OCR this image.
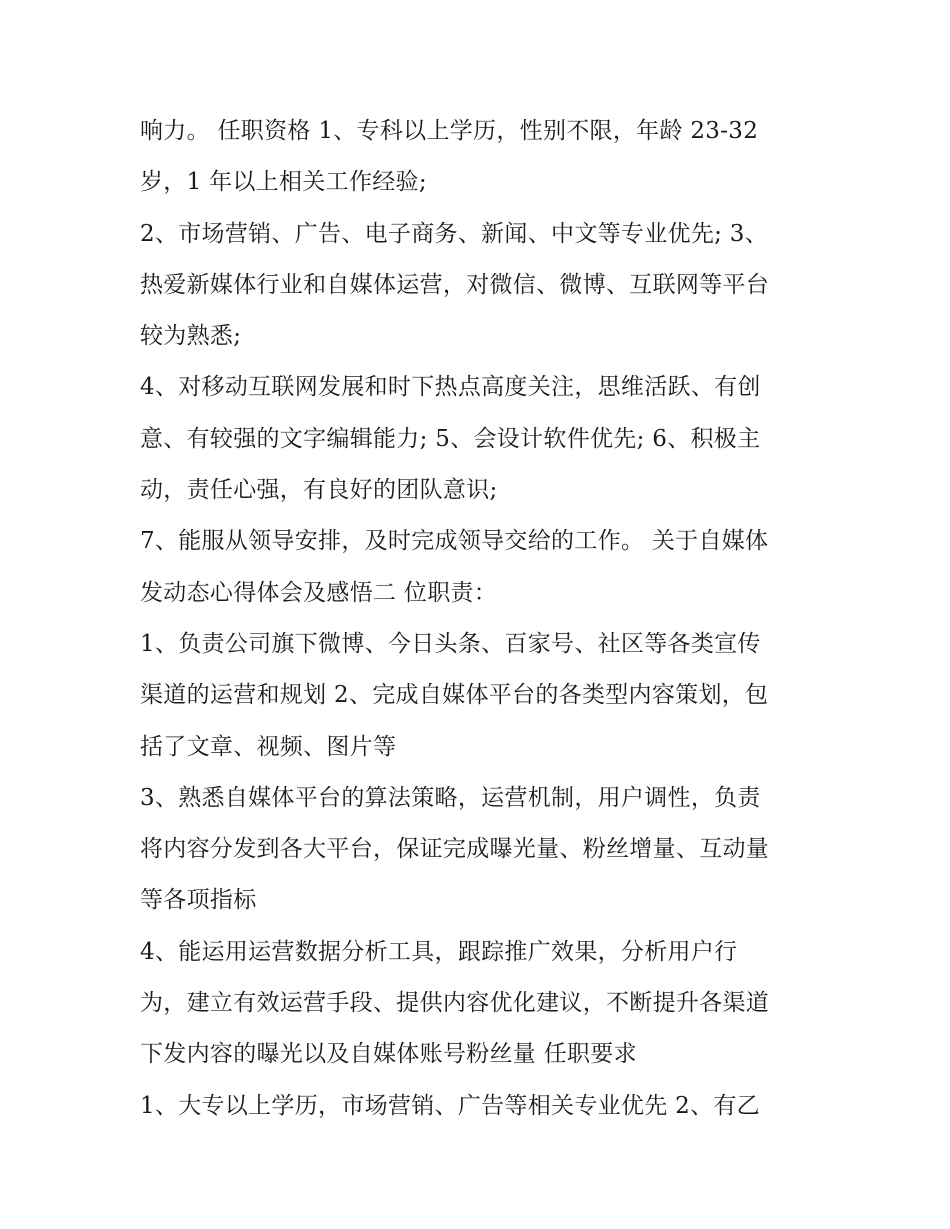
响力。 任职资格 1、专科以上学历，性别不限，年龄 23-32
岁，1 年以上相关工作经验;
2、市场营销、广告、电子商务、新闻、中文等专业优先; 3、
热爱新媒体行业和自媒体运营，对微信、微博、互联网等平台
较为熟悉;
4、对移动互联网发展和时下热点高度关注，思维活跃、有创
意、有较强的文字编辑能力; 5、会设计软件优先; 6、积极主
动，责任心强，有良好的团队意识;
7、能服从领导安排，及时完成领导交给的工作。 关于自媒体
发动态心得体会及感悟二 位职责：
1、负责公司旗下微博、今日头条、百家号、社区等各类宣传
渠道的运营和规划 2、完成自媒体平台的各类型内容策划，包
括了文章、视频、图片等
3、熟悉自媒体平台的算法策略，运营机制，用户调性，负责
将内容分发到各大平台，保证完成曝光量、粉丝增量、互动量
等各项指标
4、能运用运营数据分析工具，跟踪推广效果，分析用户行
为，建立有效运营手段、提供内容优化建议，不断提升各渠道
下发内容的曝光以及自媒体账号粉丝量 任职要求
1、大专以上学历，市场营销、广告等相关专业优先 2、有乙
